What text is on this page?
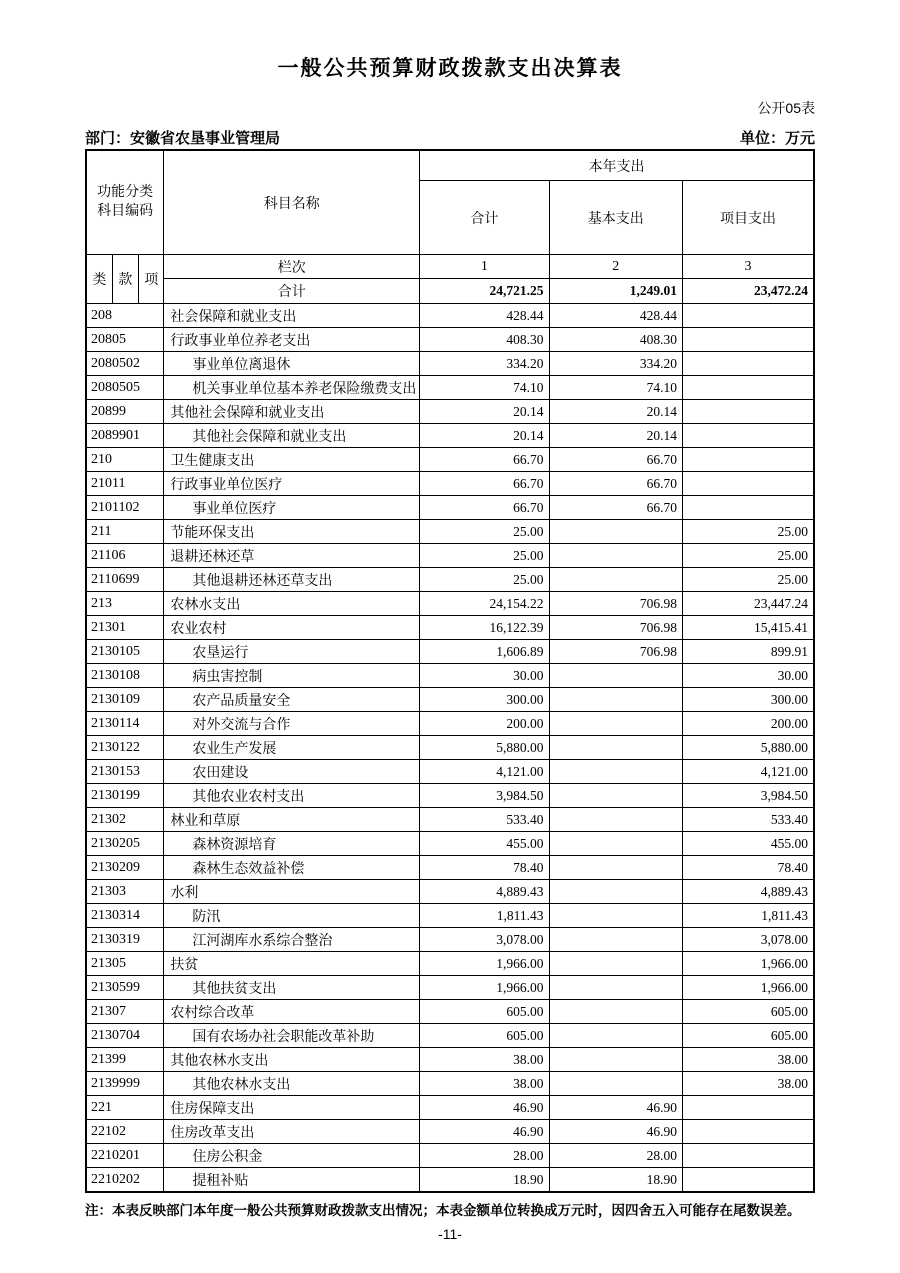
一般公共预算财政拨款支出决算表
公开05表
部门：安徽省农垦事业管理局	单位：万元
功能分类
科目编码			科目名称	本年支出		
				合计	基本支出	项目支出
类	款	项	栏次	1	2	3
			合计	24,721.25	1,249.01	23,472.24
208			社会保障和就业支出	428.44	428.44	
20805			行政事业单位养老支出	408.30	408.30	
2080502			事业单位离退休	334.20	334.20	
2080505			机关事业单位基本养老保险缴费支出	74.10	74.10	
20899			其他社会保障和就业支出	20.14	20.14	
2089901			其他社会保障和就业支出	20.14	20.14	
210			卫生健康支出	66.70	66.70	
21011			行政事业单位医疗	66.70	66.70	
2101102			事业单位医疗	66.70	66.70	
211			节能环保支出	25.00		25.00
21106			退耕还林还草	25.00		25.00
2110699			其他退耕还林还草支出	25.00		25.00
213			农林水支出	24,154.22	706.98	23,447.24
21301			农业农村	16,122.39	706.98	15,415.41
2130105			农垦运行	1,606.89	706.98	899.91
2130108			病虫害控制	30.00		30.00
2130109			农产品质量安全	300.00		300.00
2130114			对外交流与合作	200.00		200.00
2130122			农业生产发展	5,880.00		5,880.00
2130153			农田建设	4,121.00		4,121.00
2130199			其他农业农村支出	3,984.50		3,984.50
21302			林业和草原	533.40		533.40
2130205			森林资源培育	455.00		455.00
2130209			森林生态效益补偿	78.40		78.40
21303			水利	4,889.43		4,889.43
2130314			防汛	1,811.43		1,811.43
2130319			江河湖库水系综合整治	3,078.00		3,078.00
21305			扶贫	1,966.00		1,966.00
2130599			其他扶贫支出	1,966.00		1,966.00
21307			农村综合改革	605.00		605.00
2130704			国有农场办社会职能改革补助	605.00		605.00
21399			其他农林水支出	38.00		38.00
2139999			其他农林水支出	38.00		38.00
221			住房保障支出	46.90	46.90	
22102			住房改革支出	46.90	46.90	
2210201			住房公积金	28.00	28.00	
2210202			提租补贴	18.90	18.90	
注：本表反映部门本年度一般公共预算财政拨款支出情况；本表金额单位转换成万元时，因四舍五入可能存在尾数误差。
-11-
